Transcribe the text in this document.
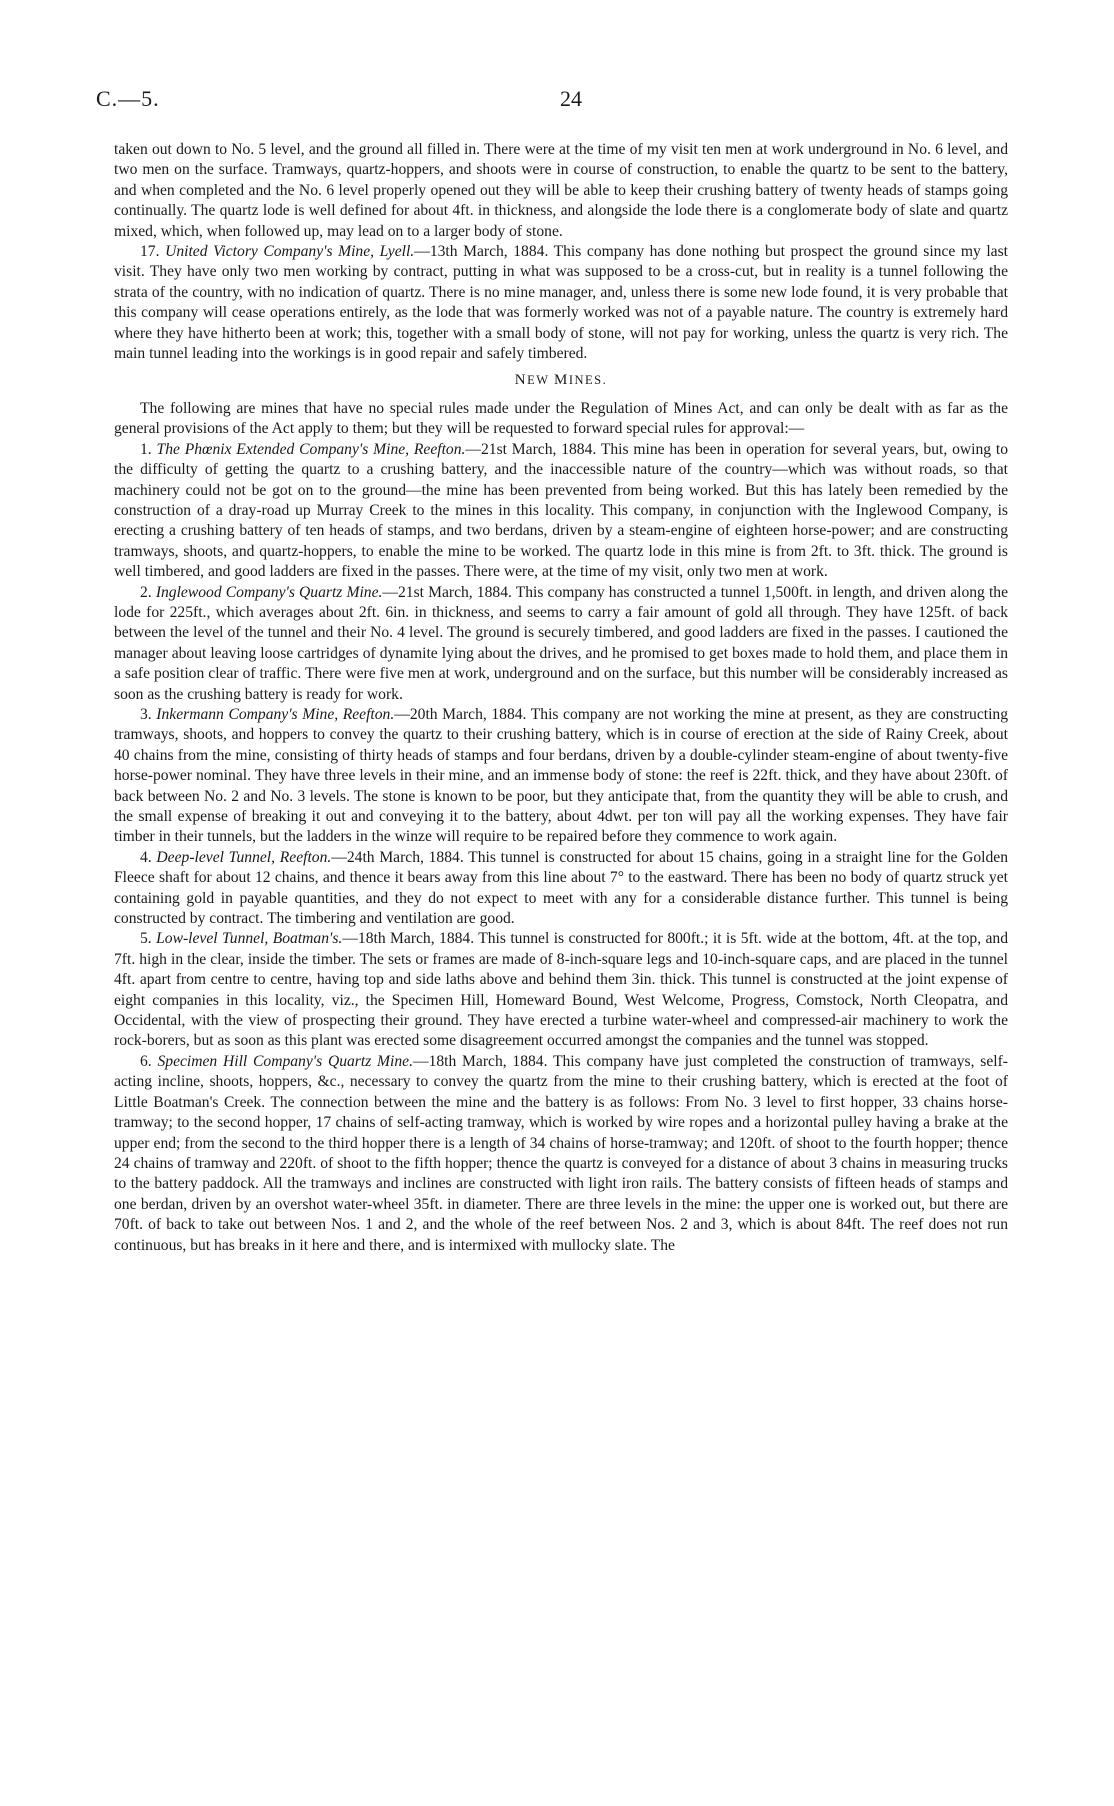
C.—5.	24

taken out down to No. 5 level, and the ground all filled in. There were at the time of my visit ten men at work underground in No. 6 level, and two men on the surface. Tramways, quartz-hoppers, and shoots were in course of construction, to enable the quartz to be sent to the battery, and when completed and the No. 6 level properly opened out they will be able to keep their crushing battery of twenty heads of stamps going continually. The quartz lode is well defined for about 4ft. in thickness, and alongside the lode there is a conglomerate body of slate and quartz mixed, which, when followed up, may lead on to a larger body of stone.

17. United Victory Company's Mine, Lyell.—13th March, 1884. This company has done nothing but prospect the ground since my last visit. They have only two men working by contract, putting in what was supposed to be a cross-cut, but in reality is a tunnel following the strata of the country, with no indication of quartz. There is no mine manager, and, unless there is some new lode found, it is very probable that this company will cease operations entirely, as the lode that was formerly worked was not of a payable nature. The country is extremely hard where they have hitherto been at work; this, together with a small body of stone, will not pay for working, unless the quartz is very rich. The main tunnel leading into the workings is in good repair and safely timbered.

NEW MINES.

The following are mines that have no special rules made under the Regulation of Mines Act, and can only be dealt with as far as the general provisions of the Act apply to them; but they will be requested to forward special rules for approval:—

1. The Phœnix Extended Company's Mine, Reefton.—21st March, 1884. This mine has been in operation for several years, but, owing to the difficulty of getting the quartz to a crushing battery, and the inaccessible nature of the country—which was without roads, so that machinery could not be got on to the ground—the mine has been prevented from being worked. But this has lately been remedied by the construction of a dray-road up Murray Creek to the mines in this locality. This company, in conjunction with the Inglewood Company, is erecting a crushing battery of ten heads of stamps, and two berdans, driven by a steam-engine of eighteen horse-power; and are constructing tramways, shoots, and quartz-hoppers, to enable the mine to be worked. The quartz lode in this mine is from 2ft. to 3ft. thick. The ground is well timbered, and good ladders are fixed in the passes. There were, at the time of my visit, only two men at work.

2. Inglewood Company's Quartz Mine.—21st March, 1884. This company has constructed a tunnel 1,500ft. in length, and driven along the lode for 225ft., which averages about 2ft. 6in. in thickness, and seems to carry a fair amount of gold all through. They have 125ft. of back between the level of the tunnel and their No. 4 level. The ground is securely timbered, and good ladders are fixed in the passes. I cautioned the manager about leaving loose cartridges of dynamite lying about the drives, and he promised to get boxes made to hold them, and place them in a safe position clear of traffic. There were five men at work, underground and on the surface, but this number will be considerably increased as soon as the crushing battery is ready for work.

3. Inkermann Company's Mine, Reefton.—20th March, 1884. This company are not working the mine at present, as they are constructing tramways, shoots, and hoppers to convey the quartz to their crushing battery, which is in course of erection at the side of Rainy Creek, about 40 chains from the mine, consisting of thirty heads of stamps and four berdans, driven by a double-cylinder steam-engine of about twenty-five horse-power nominal. They have three levels in their mine, and an immense body of stone: the reef is 22ft. thick, and they have about 230ft. of back between No. 2 and No. 3 levels. The stone is known to be poor, but they anticipate that, from the quantity they will be able to crush, and the small expense of breaking it out and conveying it to the battery, about 4dwt. per ton will pay all the working expenses. They have fair timber in their tunnels, but the ladders in the winze will require to be repaired before they commence to work again.

4. Deep-level Tunnel, Reefton.—24th March, 1884. This tunnel is constructed for about 15 chains, going in a straight line for the Golden Fleece shaft for about 12 chains, and thence it bears away from this line about 7° to the eastward. There has been no body of quartz struck yet containing gold in payable quantities, and they do not expect to meet with any for a considerable distance further. This tunnel is being constructed by contract. The timbering and ventilation are good.

5. Low-level Tunnel, Boatman's.—18th March, 1884. This tunnel is constructed for 800ft.; it is 5ft. wide at the bottom, 4ft. at the top, and 7ft. high in the clear, inside the timber. The sets or frames are made of 8-inch-square legs and 10-inch-square caps, and are placed in the tunnel 4ft. apart from centre to centre, having top and side laths above and behind them 3in. thick. This tunnel is constructed at the joint expense of eight companies in this locality, viz., the Specimen Hill, Homeward Bound, West Welcome, Progress, Comstock, North Cleopatra, and Occidental, with the view of prospecting their ground. They have erected a turbine water-wheel and compressed-air machinery to work the rock-borers, but as soon as this plant was erected some disagreement occurred amongst the companies and the tunnel was stopped.

6. Specimen Hill Company's Quartz Mine.—18th March, 1884. This company have just completed the construction of tramways, self-acting incline, shoots, hoppers, &c., necessary to convey the quartz from the mine to their crushing battery, which is erected at the foot of Little Boatman's Creek. The connection between the mine and the battery is as follows: From No. 3 level to first hopper, 33 chains horse-tramway; to the second hopper, 17 chains of self-acting tramway, which is worked by wire ropes and a horizontal pulley having a brake at the upper end; from the second to the third hopper there is a length of 34 chains of horse-tramway; and 120ft. of shoot to the fourth hopper; thence 24 chains of tramway and 220ft. of shoot to the fifth hopper; thence the quartz is conveyed for a distance of about 3 chains in measuring trucks to the battery paddock. All the tramways and inclines are constructed with light iron rails. The battery consists of fifteen heads of stamps and one berdan, driven by an overshot water-wheel 35ft. in diameter. There are three levels in the mine: the upper one is worked out, but there are 70ft. of back to take out between Nos. 1 and 2, and the whole of the reef between Nos. 2 and 3, which is about 84ft. The reef does not run continuous, but has breaks in it here and there, and is intermixed with mullocky slate. The
